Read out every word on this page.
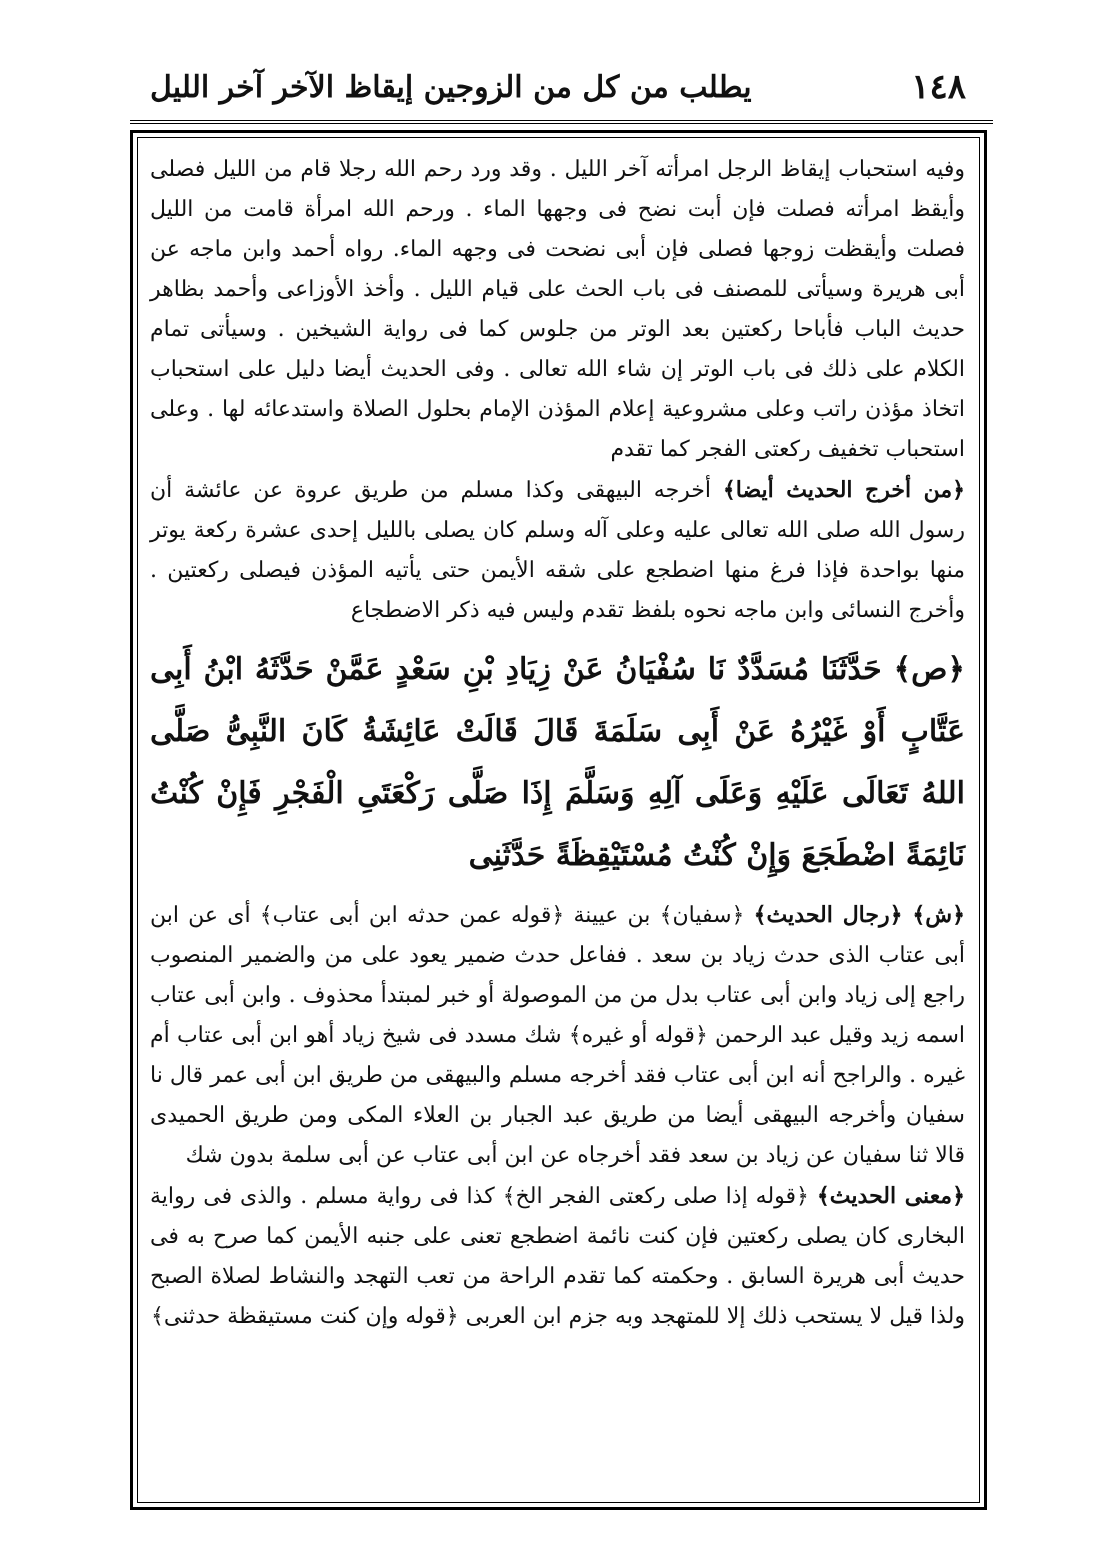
١٤٨
يطلب من كل من الزوجين إيقاظ الآخر آخر الليل

وفيه استحباب إيقاظ الرجل امرأته آخر الليل . وقد ورد رحم الله رجلا قام من الليل فصلى وأيقظ امرأته فصلت فإن أبت نضح فى وجهها الماء . ورحم الله امرأة قامت من الليل فصلت وأيقظت زوجها فصلى فإن أبى نضحت فى وجهه الماء. رواه أحمد وابن ماجه عن أبى هريرة وسيأتى للمصنف فى باب الحث على قيام الليل . وأخذ الأوزاعى وأحمد بظاهر حديث الباب فأباحا ركعتين بعد الوتر من جلوس كما فى رواية الشيخين . وسيأتى تمام الكلام على ذلك فى باب الوتر إن شاء الله تعالى . وفى الحديث أيضا دليل على استحباب اتخاذ مؤذن راتب وعلى مشروعية إعلام المؤذن الإمام بحلول الصلاة واستدعائه لها . وعلى استحباب تخفيف ركعتى الفجر كما تقدم

﴿من أخرج الحديث أيضا﴾ أخرجه البيهقى وكذا مسلم من طريق عروة عن عائشة أن رسول الله صلى الله تعالى عليه وعلى آله وسلم كان يصلى بالليل إحدى عشرة ركعة يوتر منها بواحدة فإذا فرغ منها اضطجع على شقه الأيمن حتى يأتيه المؤذن فيصلى ركعتين . وأخرج النسائى وابن ماجه نحوه بلفظ تقدم وليس فيه ذكر الاضطجاع

﴿ص﴾ حَدَّثَنَا مُسَدَّدٌ نَا سُفْيَانُ عَنْ زِيَادِ بْنِ سَعْدٍ عَمَّنْ حَدَّثَهُ ابْنُ أَبِى عَتَّابٍ أَوْ غَيْرُهُ عَنْ أَبِى سَلَمَةَ قَالَ قَالَتْ عَائِشَةُ كَانَ النَّبِىُّ صَلَّى اللهُ تَعَالَى عَلَيْهِ وَعَلَى آلِهِ وَسَلَّمَ إِذَا صَلَّى رَكْعَتَىِ الْفَجْرِ فَإِنْ كُنْتُ نَائِمَةً اضْطَجَعَ وَإِنْ كُنْتُ مُسْتَيْقِظَةً حَدَّثَنِى

﴿ش﴾ ﴿رجال الحديث﴾ ﴿سفيان﴾ بن عيينة ﴿قوله عمن حدثه ابن أبى عتاب﴾ أى عن ابن أبى عتاب الذى حدث زياد بن سعد . ففاعل حدث ضمير يعود على من والضمير المنصوب راجع إلى زياد وابن أبى عتاب بدل من من الموصولة أو خبر لمبتدأ محذوف . وابن أبى عتاب اسمه زيد وقيل عبد الرحمن ﴿قوله أو غيره﴾ شك مسدد فى شيخ زياد أهو ابن أبى عتاب أم غيره . والراجح أنه ابن أبى عتاب فقد أخرجه مسلم والبيهقى من طريق ابن أبى عمر قال نا سفيان وأخرجه البيهقى أيضا من طريق عبد الجبار بن العلاء المكى ومن طريق الحميدى قالا ثنا سفيان عن زياد بن سعد فقد أخرجاه عن ابن أبى عتاب عن أبى سلمة بدون شك

﴿معنى الحديث﴾ ﴿قوله إذا صلى ركعتى الفجر الخ﴾ كذا فى رواية مسلم . والذى فى رواية البخارى كان يصلى ركعتين فإن كنت نائمة اضطجع تعنى على جنبه الأيمن كما صرح به فى حديث أبى هريرة السابق . وحكمته كما تقدم الراحة من تعب التهجد والنشاط لصلاة الصبح ولذا قيل لا يستحب ذلك إلا للمتهجد وبه جزم ابن العربى ﴿قوله وإن كنت مستيقظة حدثنى﴾
